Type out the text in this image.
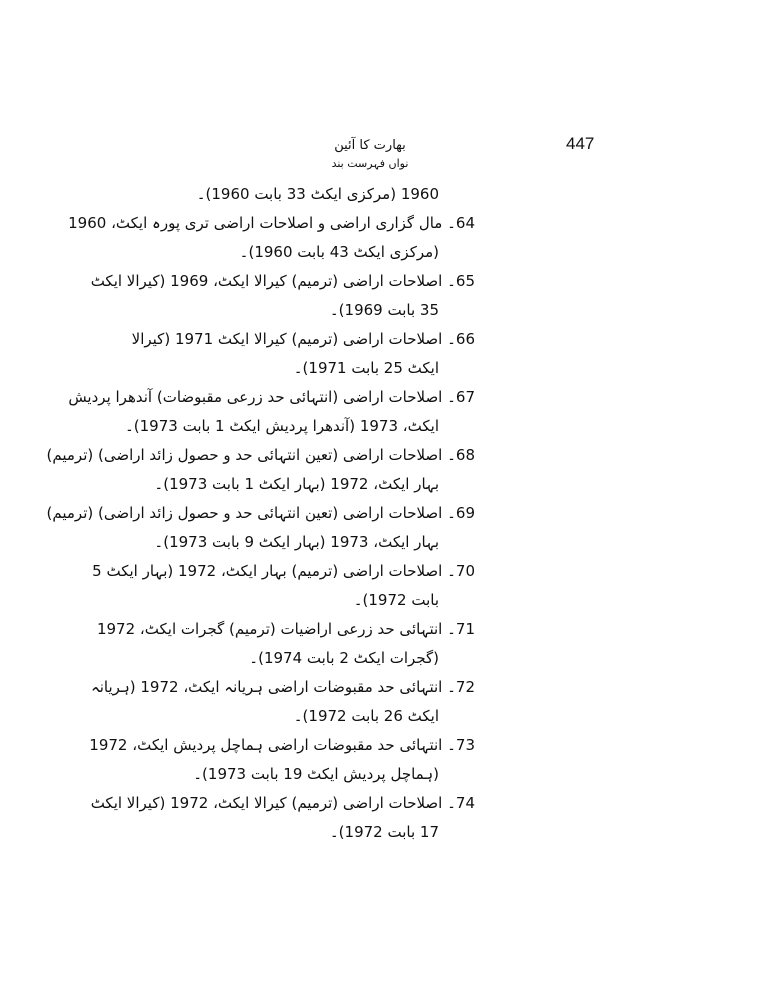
447
بھارت کا آئین
نواں فہرست بند
1960 (مرکزی ایکٹ 33 بابت 1960)۔
64۔ مال گزاری اراضی و اصلاحات اراضی تری پورہ ایکٹ، 1960
(مرکزی ایکٹ 43 بابت 1960)۔
65۔ اصلاحات اراضی (ترمیم) کیرالا ایکٹ، 1969 (کیرالا ایکٹ
35 بابت 1969)۔
66۔ اصلاحات اراضی (ترمیم) کیرالا ایکٹ 1971 (کیرالا
ایکٹ 25 بابت 1971)۔
67۔ اصلاحات اراضی (انتہائی حد زرعی مقبوضات) آندھرا پردیش
ایکٹ، 1973 (آندھرا پردیش ایکٹ 1 بابت 1973)۔
68۔ اصلاحات اراضی (تعین انتہائی حد و حصول زائد اراضی) (ترمیم)
بہار ایکٹ، 1972 (بہار ایکٹ 1 بابت 1973)۔
69۔ اصلاحات اراضی (تعین انتہائی حد و حصول زائد اراضی) (ترمیم)
بہار ایکٹ، 1973 (بہار ایکٹ 9 بابت 1973)۔
70۔ اصلاحات اراضی (ترمیم) بہار ایکٹ، 1972 (بہار ایکٹ 5
بابت 1972)۔
71۔ انتہائی حد زرعی اراضیات (ترمیم) گجرات ایکٹ، 1972
(گجرات ایکٹ 2 بابت 1974)۔
72۔ انتہائی حد مقبوضات اراضی ہریانہ ایکٹ، 1972 (ہریانہ
ایکٹ 26 بابت 1972)۔
73۔ انتہائی حد مقبوضات اراضی ہماچل پردیش ایکٹ، 1972
(ہماچل پردیش ایکٹ 19 بابت 1973)۔
74۔ اصلاحات اراضی (ترمیم) کیرالا ایکٹ، 1972 (کیرالا ایکٹ
17 بابت 1972)۔
